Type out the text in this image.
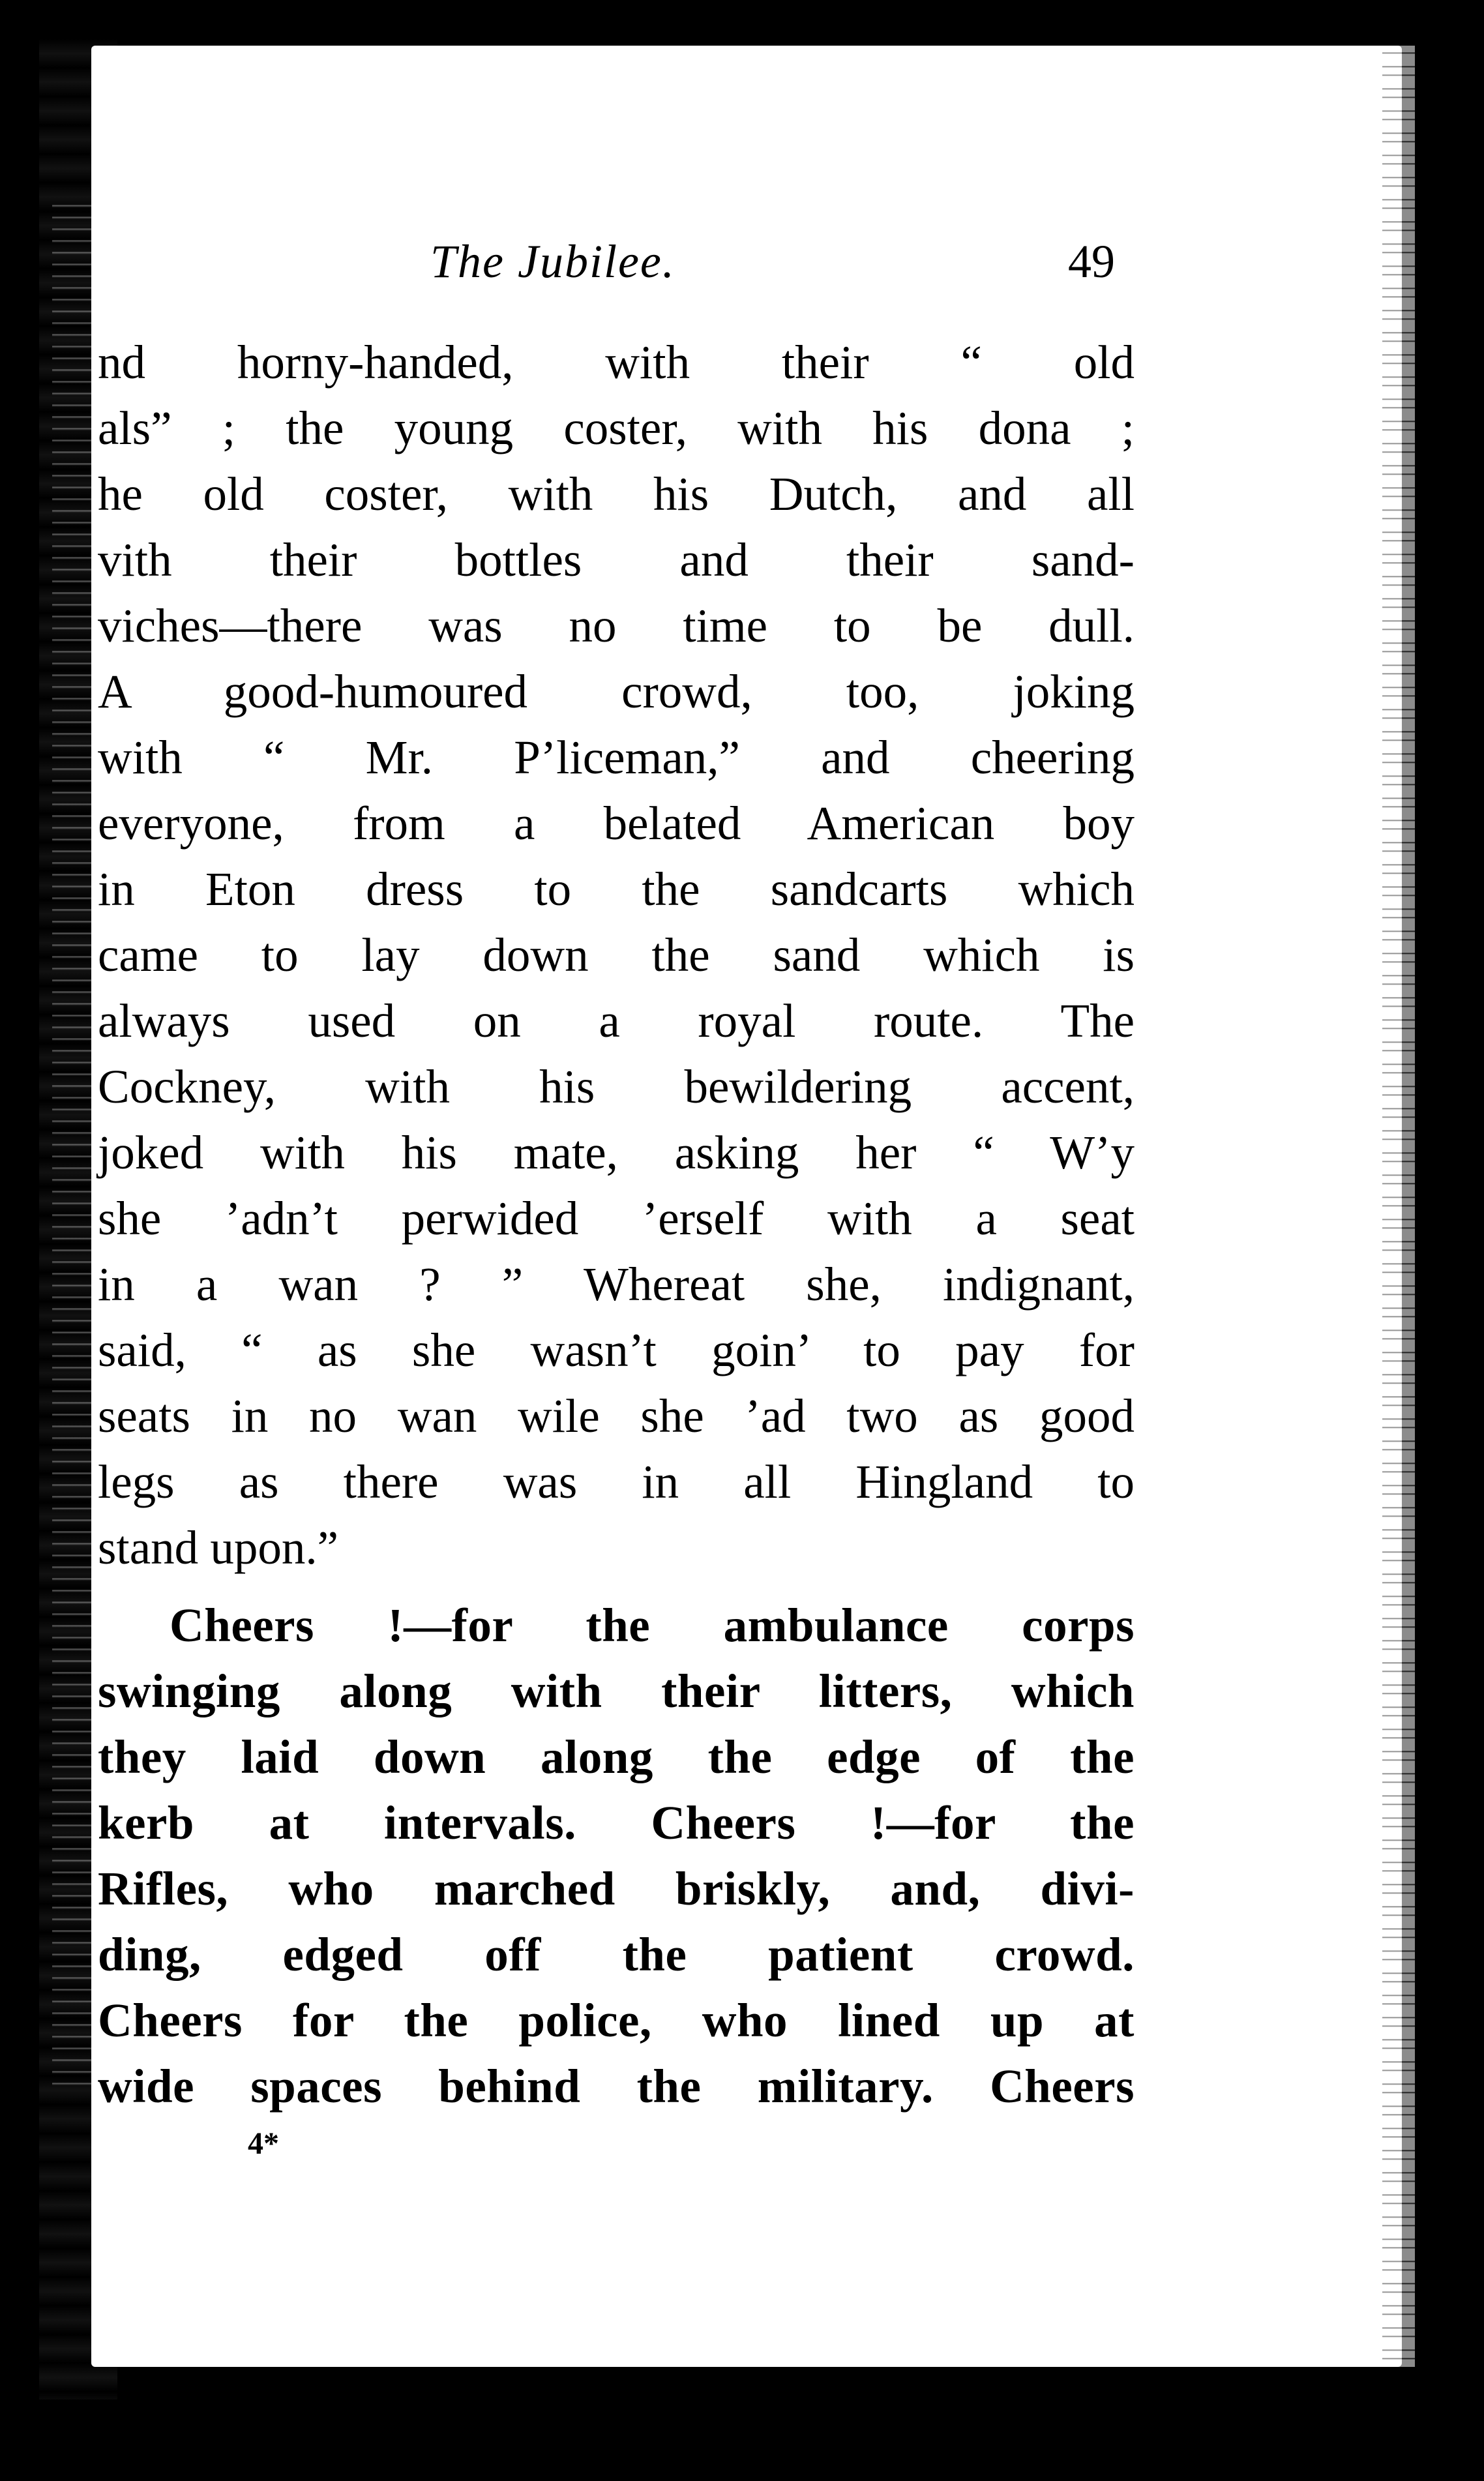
The Jubilee.	49
nd horny-handed, with their “ old
als” ; the young coster, with his dona ;
he old coster, with his Dutch, and all
vith their bottles and their sand-
viches—there was no time to be dull.
A good-humoured crowd, too, joking
with “ Mr. P’liceman,” and cheering
everyone, from a belated American boy
in Eton dress to the sandcarts which
came to lay down the sand which is
always used on a royal route. The
Cockney, with his bewildering accent,
joked with his mate, asking her “ W’y
she ’adn’t perwided ’erself with a seat
in a wan ? ” Whereat she, indignant,
said, “ as she wasn’t goin’ to pay for
seats in no wan wile she ’ad two as good
legs as there was in all Hingland to
stand upon.”
Cheers !—for the ambulance corps
swinging along with their litters, which
they laid down along the edge of the
kerb at intervals. Cheers !—for the
Rifles, who marched briskly, and, divi-
ding, edged off the patient crowd.
Cheers for the police, who lined up at
wide spaces behind the military. Cheers
4*
